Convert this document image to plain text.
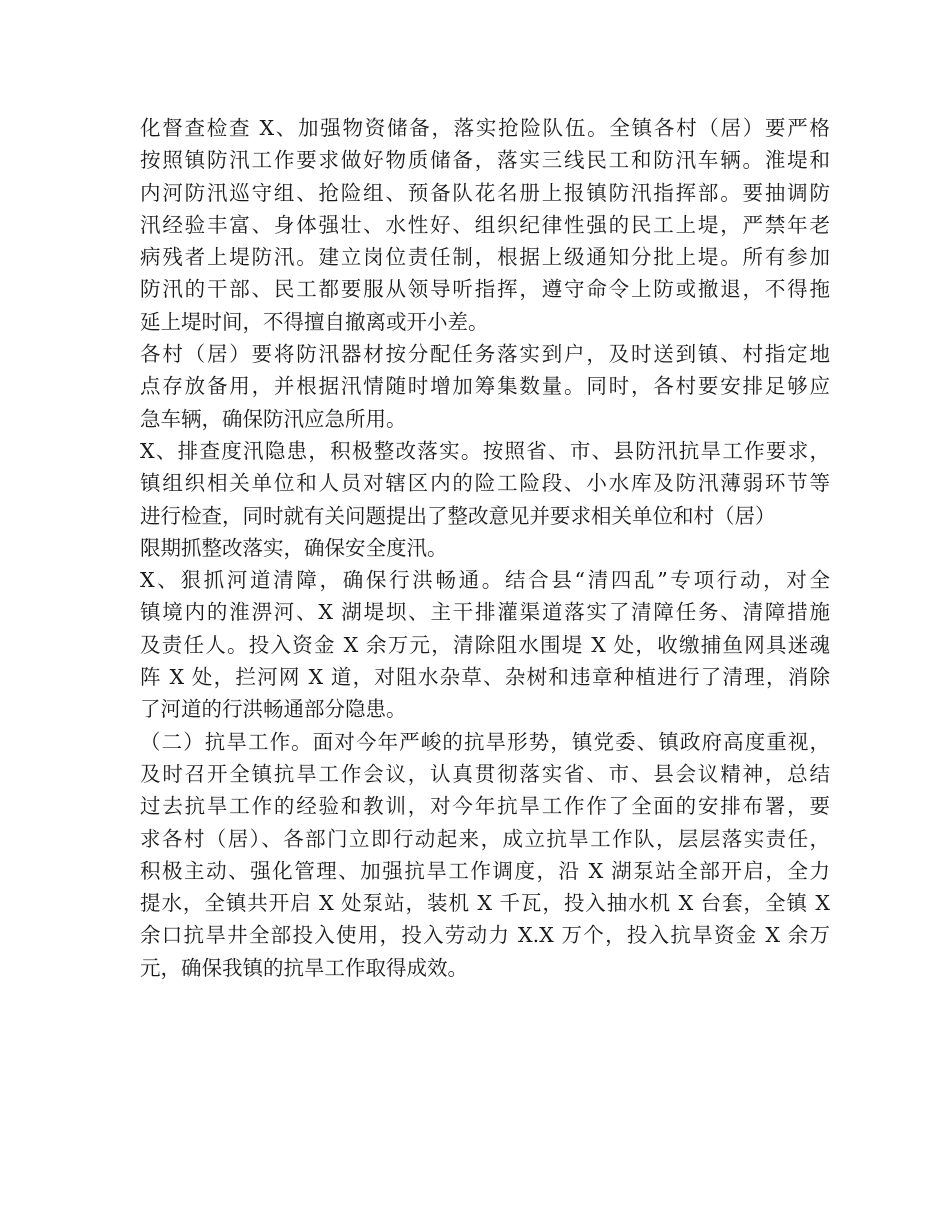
化督查检查 X、加强物资储备，落实抢险队伍。全镇各村（居）要严格
按照镇防汛工作要求做好物质储备，落实三线民工和防汛车辆。淮堤和
内河防汛巡守组、抢险组、预备队花名册上报镇防汛指挥部。要抽调防
汛经验丰富、身体强壮、水性好、组织纪律性强的民工上堤，严禁年老
病残者上堤防汛。建立岗位责任制，根据上级通知分批上堤。所有参加
防汛的干部、民工都要服从领导听指挥，遵守命令上防或撤退，不得拖
延上堤时间，不得擅自撤离或开小差。
各村（居）要将防汛器材按分配任务落实到户，及时送到镇、村指定地
点存放备用，并根据汛情随时增加筹集数量。同时，各村要安排足够应
急车辆，确保防汛应急所用。
X、排查度汛隐患，积极整改落实。按照省、市、县防汛抗旱工作要求，
镇组织相关单位和人员对辖区内的险工险段、小水库及防汛薄弱环节等
进行检查，同时就有关问题提出了整改意见并要求相关单位和村（居）
限期抓整改落实，确保安全度汛。
X、狠抓河道清障，确保行洪畅通。结合县“清四乱”专项行动，对全
镇境内的淮淠河、X 湖堤坝、主干排灌渠道落实了清障任务、清障措施
及责任人。投入资金 X 余万元，清除阻水围堤 X 处，收缴捕鱼网具迷魂
阵 X 处，拦河网 X 道，对阻水杂草、杂树和违章种植进行了清理，消除
了河道的行洪畅通部分隐患。
（二）抗旱工作。面对今年严峻的抗旱形势，镇党委、镇政府高度重视，
及时召开全镇抗旱工作会议，认真贯彻落实省、市、县会议精神，总结
过去抗旱工作的经验和教训，对今年抗旱工作作了全面的安排布署，要
求各村（居）、各部门立即行动起来，成立抗旱工作队，层层落实责任，
积极主动、强化管理、加强抗旱工作调度，沿 X 湖泵站全部开启，全力
提水，全镇共开启 X 处泵站，装机 X 千瓦，投入抽水机 X 台套，全镇 X
余口抗旱井全部投入使用，投入劳动力 X.X 万个，投入抗旱资金 X 余万
元，确保我镇的抗旱工作取得成效。
